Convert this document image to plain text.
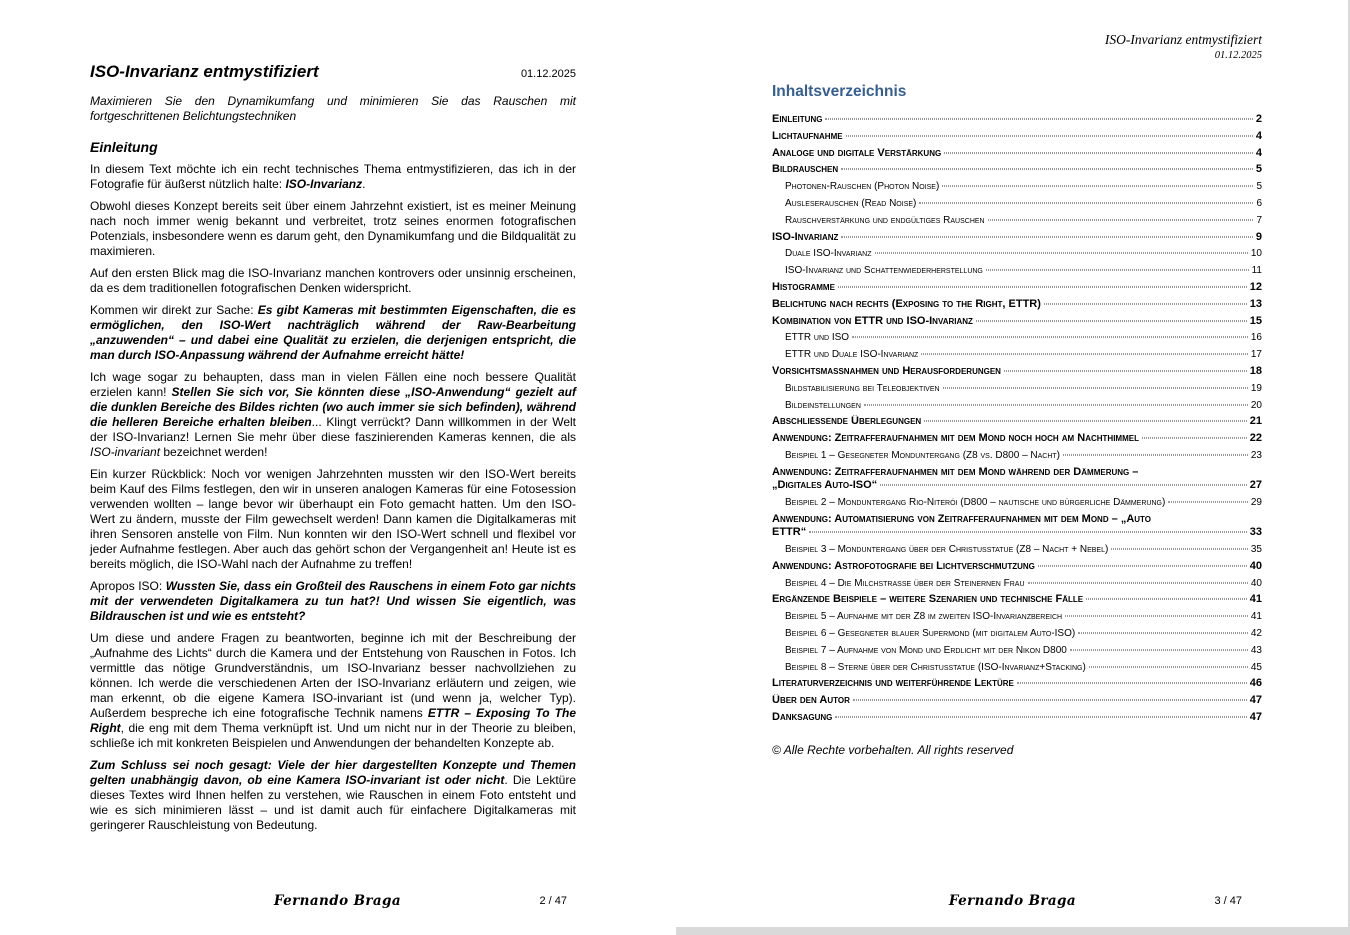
ISO-Invarianz entmystifiziert	01.12.2025
Maximieren Sie den Dynamikumfang und minimieren Sie das Rauschen mit fortgeschrittenen Belichtungstechniken
Einleitung

In diesem Text möchte ich ein recht technisches Thema entmystifizieren, das ich in der Fotografie für äußerst nützlich halte: ISO-Invarianz.

Obwohl dieses Konzept bereits seit über einem Jahrzehnt existiert, ist es meiner Meinung nach noch immer wenig bekannt und verbreitet, trotz seines enormen fotografischen Potenzials, insbesondere wenn es darum geht, den Dynamikumfang und die Bildqualität zu maximieren.

Auf den ersten Blick mag die ISO-Invarianz manchen kontrovers oder unsinnig erscheinen, da es dem traditionellen fotografischen Denken widerspricht.

Kommen wir direkt zur Sache: Es gibt Kameras mit bestimmten Eigenschaften, die es ermöglichen, den ISO-Wert nachträglich während der Raw-Bearbeitung „anzuwenden“ – und dabei eine Qualität zu erzielen, die derjenigen entspricht, die man durch ISO-Anpassung während der Aufnahme erreicht hätte!

Ich wage sogar zu behaupten, dass man in vielen Fällen eine noch bessere Qualität erzielen kann! Stellen Sie sich vor, Sie könnten diese „ISO-Anwendung“ gezielt auf die dunklen Bereiche des Bildes richten (wo auch immer sie sich befinden), während die helleren Bereiche erhalten bleiben... Klingt verrückt? Dann willkommen in der Welt der ISO-Invarianz! Lernen Sie mehr über diese faszinierenden Kameras kennen, die als ISO-invariant bezeichnet werden!

Ein kurzer Rückblick: Noch vor wenigen Jahrzehnten mussten wir den ISO-Wert bereits beim Kauf des Films festlegen, den wir in unseren analogen Kameras für eine Fotosession verwenden wollten – lange bevor wir überhaupt ein Foto gemacht hatten. Um den ISO-Wert zu ändern, musste der Film gewechselt werden! Dann kamen die Digitalkameras mit ihren Sensoren anstelle von Film. Nun konnten wir den ISO-Wert schnell und flexibel vor jeder Aufnahme festlegen. Aber auch das gehört schon der Vergangenheit an! Heute ist es bereits möglich, die ISO-Wahl nach der Aufnahme zu treffen!

Apropos ISO: Wussten Sie, dass ein Großteil des Rauschens in einem Foto gar nichts mit der verwendeten Digitalkamera zu tun hat?! Und wissen Sie eigentlich, was Bildrauschen ist und wie es entsteht?

Um diese und andere Fragen zu beantworten, beginne ich mit der Beschreibung der „Aufnahme des Lichts“ durch die Kamera und der Entstehung von Rauschen in Fotos. Ich vermittle das nötige Grundverständnis, um ISO-Invarianz besser nachvollziehen zu können. Ich werde die verschiedenen Arten der ISO-Invarianz erläutern und zeigen, wie man erkennt, ob die eigene Kamera ISO-invariant ist (und wenn ja, welcher Typ). Außerdem bespreche ich eine fotografische Technik namens ETTR – Exposing To The Right, die eng mit dem Thema verknüpft ist. Und um nicht nur in der Theorie zu bleiben, schließe ich mit konkreten Beispielen und Anwendungen der behandelten Konzepte ab.

Zum Schluss sei noch gesagt: Viele der hier dargestellten Konzepte und Themen gelten unabhängig davon, ob eine Kamera ISO-invariant ist oder nicht. Die Lektüre dieses Textes wird Ihnen helfen zu verstehen, wie Rauschen in einem Foto entsteht und wie es sich minimieren lässt – und ist damit auch für einfachere Digitalkameras mit geringerer Rauschleistung von Bedeutung.

Fernando Braga	2 / 47
ISO-Invarianz entmystifiziert
01.12.2025
Inhaltsverzeichnis
Einleitung	2
Lichtaufnahme	4
Analoge und digitale Verstärkung	4
Bildrauschen	5
Photonen-Rauschen (Photon Noise)	5
Ausleserauschen (Read Noise)	6
Rauschverstärkung und endgültiges Rauschen	7
ISO-Invarianz	9
Duale ISO-Invarianz	10
ISO-Invarianz und Schattenwiederherstellung	11
Histogramme	12
Belichtung nach rechts (Exposing to the Right, ETTR)	13
Kombination von ETTR und ISO-Invarianz	15
ETTR und ISO	16
ETTR und Duale ISO-Invarianz	17
Vorsichtsmaßnahmen und Herausforderungen	18
Bildstabilisierung bei Teleobjektiven	19
Bildeinstellungen	20
Abschließende Überlegungen	21
Anwendung: Zeitrafferaufnahmen mit dem Mond noch hoch am Nachthimmel	22
Beispiel 1 – Gesegneter Monduntergang (Z8 vs. D800 – Nacht)	23
Anwendung: Zeitrafferaufnahmen mit dem Mond während der Dämmerung –
„Digitales Auto-ISO“	27
Beispiel 2 – Monduntergang Rio-Niterói (D800 – nautische und bürgerliche Dämmerung)	29
Anwendung: Automatisierung von Zeitrafferaufnahmen mit dem Mond – „Auto
ETTR“	33
Beispiel 3 – Monduntergang über der Christusstatue (Z8 – Nacht + Nebel)	35
Anwendung: Astrofotografie bei Lichtverschmutzung	40
Beispiel 4 – Die Milchstraße über der Steinernen Frau	40
Ergänzende Beispiele – weitere Szenarien und technische Fälle	41
Beispiel 5 – Aufnahme mit der Z8 im zweiten ISO-Invarianzbereich	41
Beispiel 6 – Gesegneter blauer Supermond (mit digitalem Auto-ISO)	42
Beispiel 7 – Aufnahme von Mond und Erdlicht mit der Nikon D800	43
Beispiel 8 – Sterne über der Christusstatue (ISO-Invarianz+Stacking)	45
Literaturverzeichnis und weiterführende Lektüre	46
Über den Autor	47
Danksagung	47
© Alle Rechte vorbehalten. All rights reserved
Fernando Braga	3 / 47
